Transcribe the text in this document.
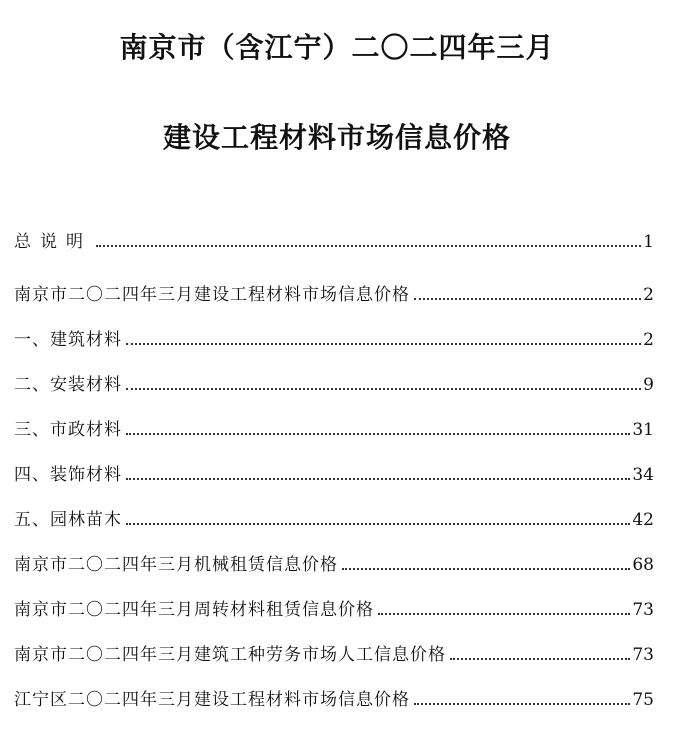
南京市（含江宁）二〇二四年三月
建设工程材料市场信息价格
总说明	1
南京市二〇二四年三月建设工程材料市场信息价格	2
一、建筑材料	2
二、安装材料	9
三、市政材料	31
四、装饰材料	34
五、园林苗木	42
南京市二〇二四年三月机械租赁信息价格	68
南京市二〇二四年三月周转材料租赁信息价格	73
南京市二〇二四年三月建筑工种劳务市场人工信息价格	73
江宁区二〇二四年三月建设工程材料市场信息价格	75
